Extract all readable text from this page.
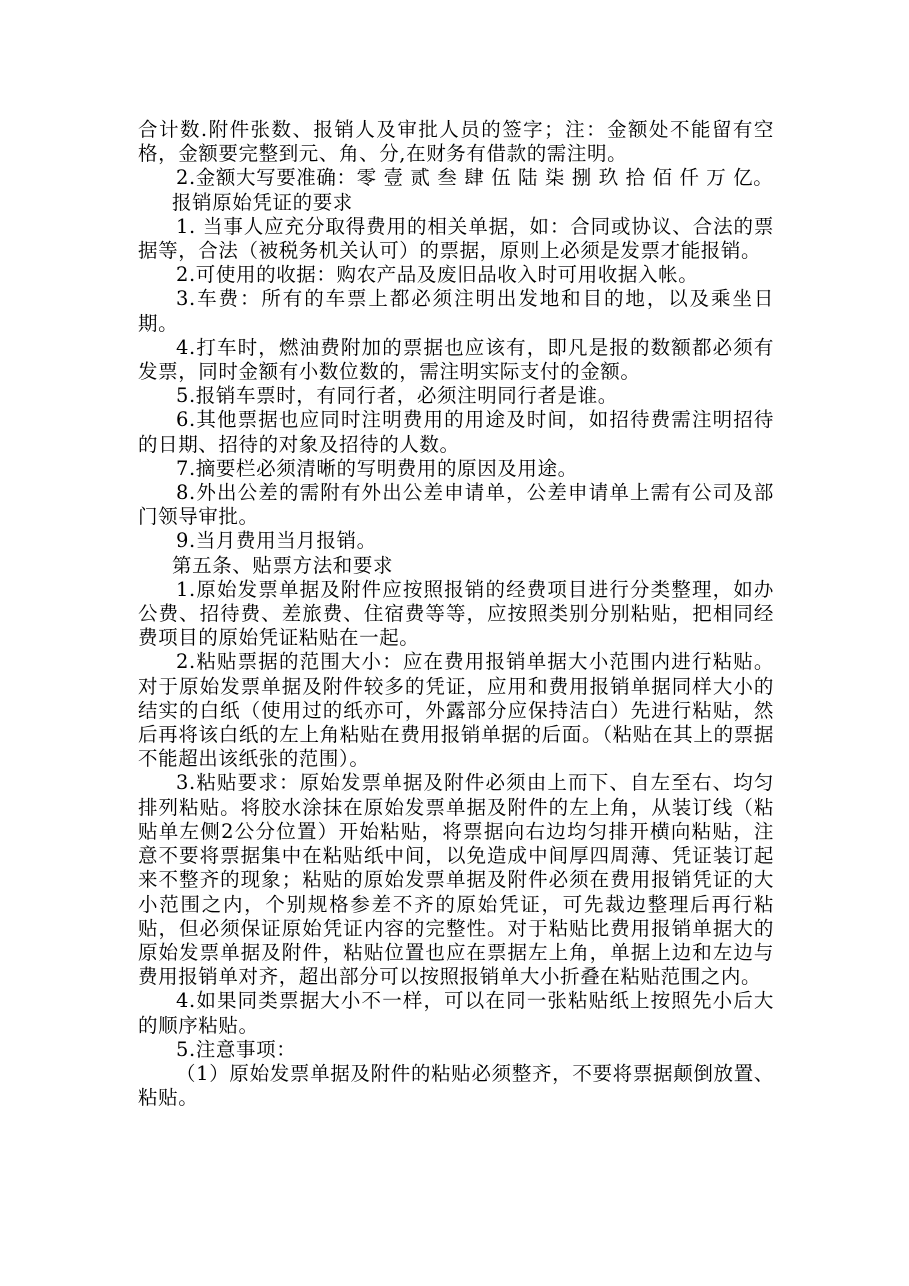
合计数.附件张数、报销人及审批人员的签字；注：金额处不能留有空格，金额要完整到元、角、分,在财务有借款的需注明。

2.金额大写要准确：零 壹 贰 叁 肆 伍 陆 柒 捌 玖 拾 佰 仟 万 亿。

报销原始凭证的要求

1. 当事人应充分取得费用的相关单据，如：合同或协议、合法的票据等，合法（被税务机关认可）的票据，原则上必须是发票才能报销。

2.可使用的收据：购农产品及废旧品收入时可用收据入帐。

3.车费：所有的车票上都必须注明出发地和目的地，以及乘坐日期。

4.打车时，燃油费附加的票据也应该有，即凡是报的数额都必须有发票，同时金额有小数位数的，需注明实际支付的金额。

5.报销车票时，有同行者，必须注明同行者是谁。

6.其他票据也应同时注明费用的用途及时间，如招待费需注明招待的日期、招待的对象及招待的人数。

7.摘要栏必须清晰的写明费用的原因及用途。

8.外出公差的需附有外出公差申请单，公差申请单上需有公司及部门领导审批。

9.当月费用当月报销。

第五条、贴票方法和要求

1.原始发票单据及附件应按照报销的经费项目进行分类整理，如办公费、招待费、差旅费、住宿费等等，应按照类别分别粘贴，把相同经费项目的原始凭证粘贴在一起。

2.粘贴票据的范围大小：应在费用报销单据大小范围内进行粘贴。对于原始发票单据及附件较多的凭证，应用和费用报销单据同样大小的结实的白纸（使用过的纸亦可，外露部分应保持洁白）先进行粘贴，然后再将该白纸的左上角粘贴在费用报销单据的后面。（粘贴在其上的票据不能超出该纸张的范围）。

3.粘贴要求：原始发票单据及附件必须由上而下、自左至右、均匀排列粘贴。将胶水涂抹在原始发票单据及附件的左上角，从装订线（粘贴单左侧2公分位置）开始粘贴，将票据向右边均匀排开横向粘贴，注意不要将票据集中在粘贴纸中间，以免造成中间厚四周薄、凭证装订起来不整齐的现象；粘贴的原始发票单据及附件必须在费用报销凭证的大小范围之内，个别规格参差不齐的原始凭证，可先裁边整理后再行粘贴，但必须保证原始凭证内容的完整性。对于粘贴比费用报销单据大的原始发票单据及附件，粘贴位置也应在票据左上角，单据上边和左边与费用报销单对齐，超出部分可以按照报销单大小折叠在粘贴范围之内。

4.如果同类票据大小不一样，可以在同一张粘贴纸上按照先小后大的顺序粘贴。

5.注意事项：

（1）原始发票单据及附件的粘贴必须整齐，不要将票据颠倒放置、粘贴。
